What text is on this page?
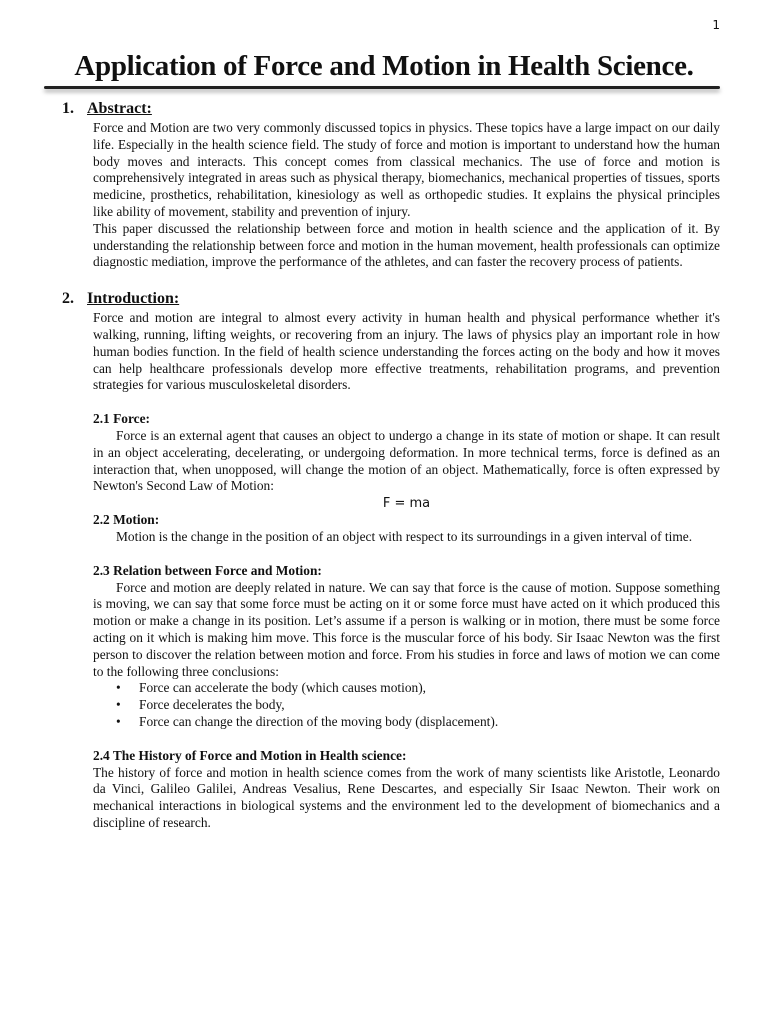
1
Application of Force and Motion in Health Science.

1. Abstract:

Force and Motion are two very commonly discussed topics in physics. These topics have a large impact on our daily life. Especially in the health science field. The study of force and motion is important to understand how the human body moves and interacts. This concept comes from classical mechanics. The use of force and motion is comprehensively integrated in areas such as physical therapy, biomechanics, mechanical properties of tissues, sports medicine, prosthetics, rehabilitation, kinesiology as well as orthopedic studies. It explains the physical principles like ability of movement, stability and prevention of injury.

This paper discussed the relationship between force and motion in health science and the application of it. By understanding the relationship between force and motion in the human movement, health professionals can optimize diagnostic mediation, improve the performance of the athletes, and can faster the recovery process of patients.

2. Introduction:

Force and motion are integral to almost every activity in human health and physical performance whether it's walking, running, lifting weights, or recovering from an injury. The laws of physics play an important role in how human bodies function. In the field of health science understanding the forces acting on the body and how it moves can help healthcare professionals develop more effective treatments, rehabilitation programs, and prevention strategies for various musculoskeletal disorders.

2.1 Force:

Force is an external agent that causes an object to undergo a change in its state of motion or shape. It can result in an object accelerating, decelerating, or undergoing deformation. In more technical terms, force is defined as an interaction that, when unopposed, will change the motion of an object. Mathematically, force is often expressed by Newton's Second Law of Motion:

F = ma

2.2 Motion:

Motion is the change in the position of an object with respect to its surroundings in a given interval of time.

2.3 Relation between Force and Motion:

Force and motion are deeply related in nature. We can say that force is the cause of motion. Suppose something is moving, we can say that some force must be acting on it or some force must have acted on it which produced this motion or make a change in its position. Let’s assume if a person is walking or in motion, there must be some force acting on it which is making him move. This force is the muscular force of his body. Sir Isaac Newton was the first person to discover the relation between motion and force. From his studies in force and laws of motion we can come to the following three conclusions:

• Force can accelerate the body (which causes motion),
• Force decelerates the body,
• Force can change the direction of the moving body (displacement).

2.4 The History of Force and Motion in Health science:

The history of force and motion in health science comes from the work of many scientists like Aristotle, Leonardo da Vinci, Galileo Galilei, Andreas Vesalius, Rene Descartes, and especially Sir Isaac Newton. Their work on mechanical interactions in biological systems and the environment led to the development of biomechanics and a discipline of research.
